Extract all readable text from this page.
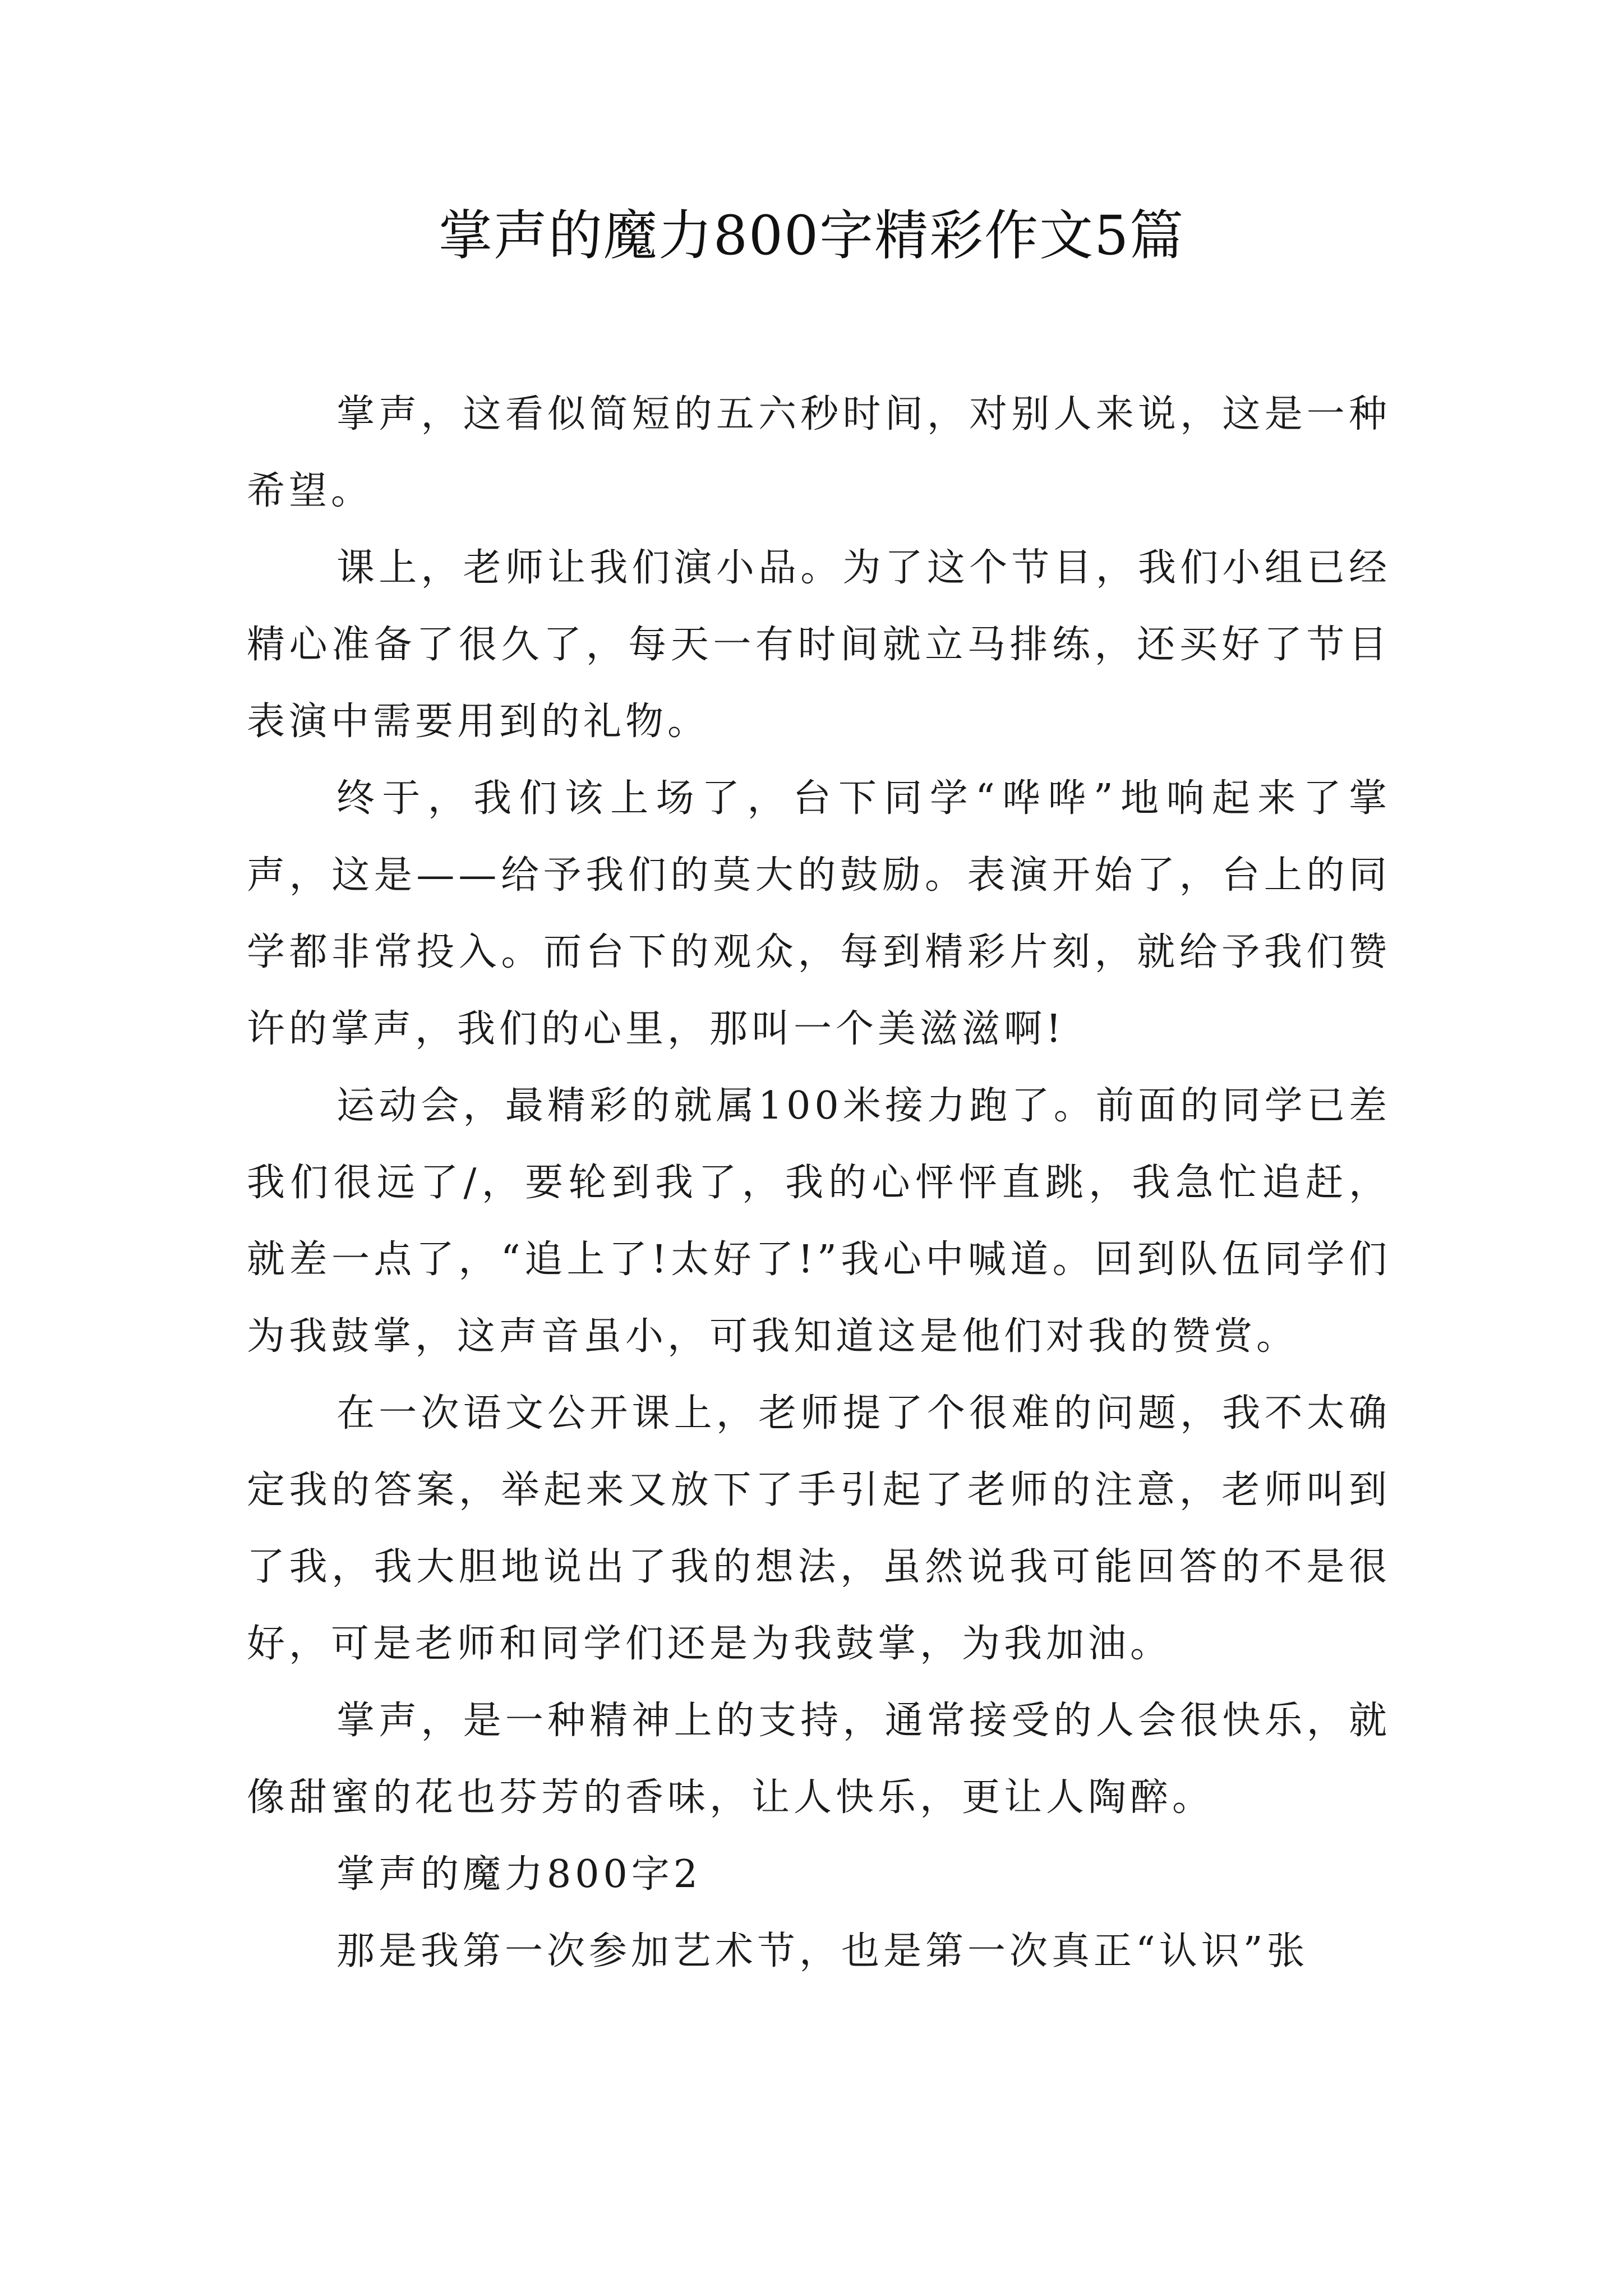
掌声的魔力800字精彩作文5篇

掌声，这看似简短的五六秒时间，对别人来说，这是一种希望。

课上，老师让我们演小品。为了这个节目，我们小组已经精心准备了很久了，每天一有时间就立马排练，还买好了节目表演中需要用到的礼物。

终于，我们该上场了，台下同学“哗哗”地响起来了掌声，这是——给予我们的莫大的鼓励。表演开始了，台上的同学都非常投入。而台下的观众，每到精彩片刻，就给予我们赞许的掌声，我们的心里，那叫一个美滋滋啊!

运动会，最精彩的就属100米接力跑了。前面的同学已差我们很远了/，要轮到我了，我的心怦怦直跳，我急忙追赶，就差一点了，“追上了!太好了!”我心中喊道。回到队伍同学们为我鼓掌，这声音虽小，可我知道这是他们对我的赞赏。

在一次语文公开课上，老师提了个很难的问题，我不太确定我的答案，举起来又放下了手引起了老师的注意，老师叫到了我，我大胆地说出了我的想法，虽然说我可能回答的不是很好，可是老师和同学们还是为我鼓掌，为我加油。

掌声，是一种精神上的支持，通常接受的人会很快乐，就像甜蜜的花也芬芳的香味，让人快乐，更让人陶醉。

掌声的魔力800字2

那是我第一次参加艺术节，也是第一次真正“认识”张
